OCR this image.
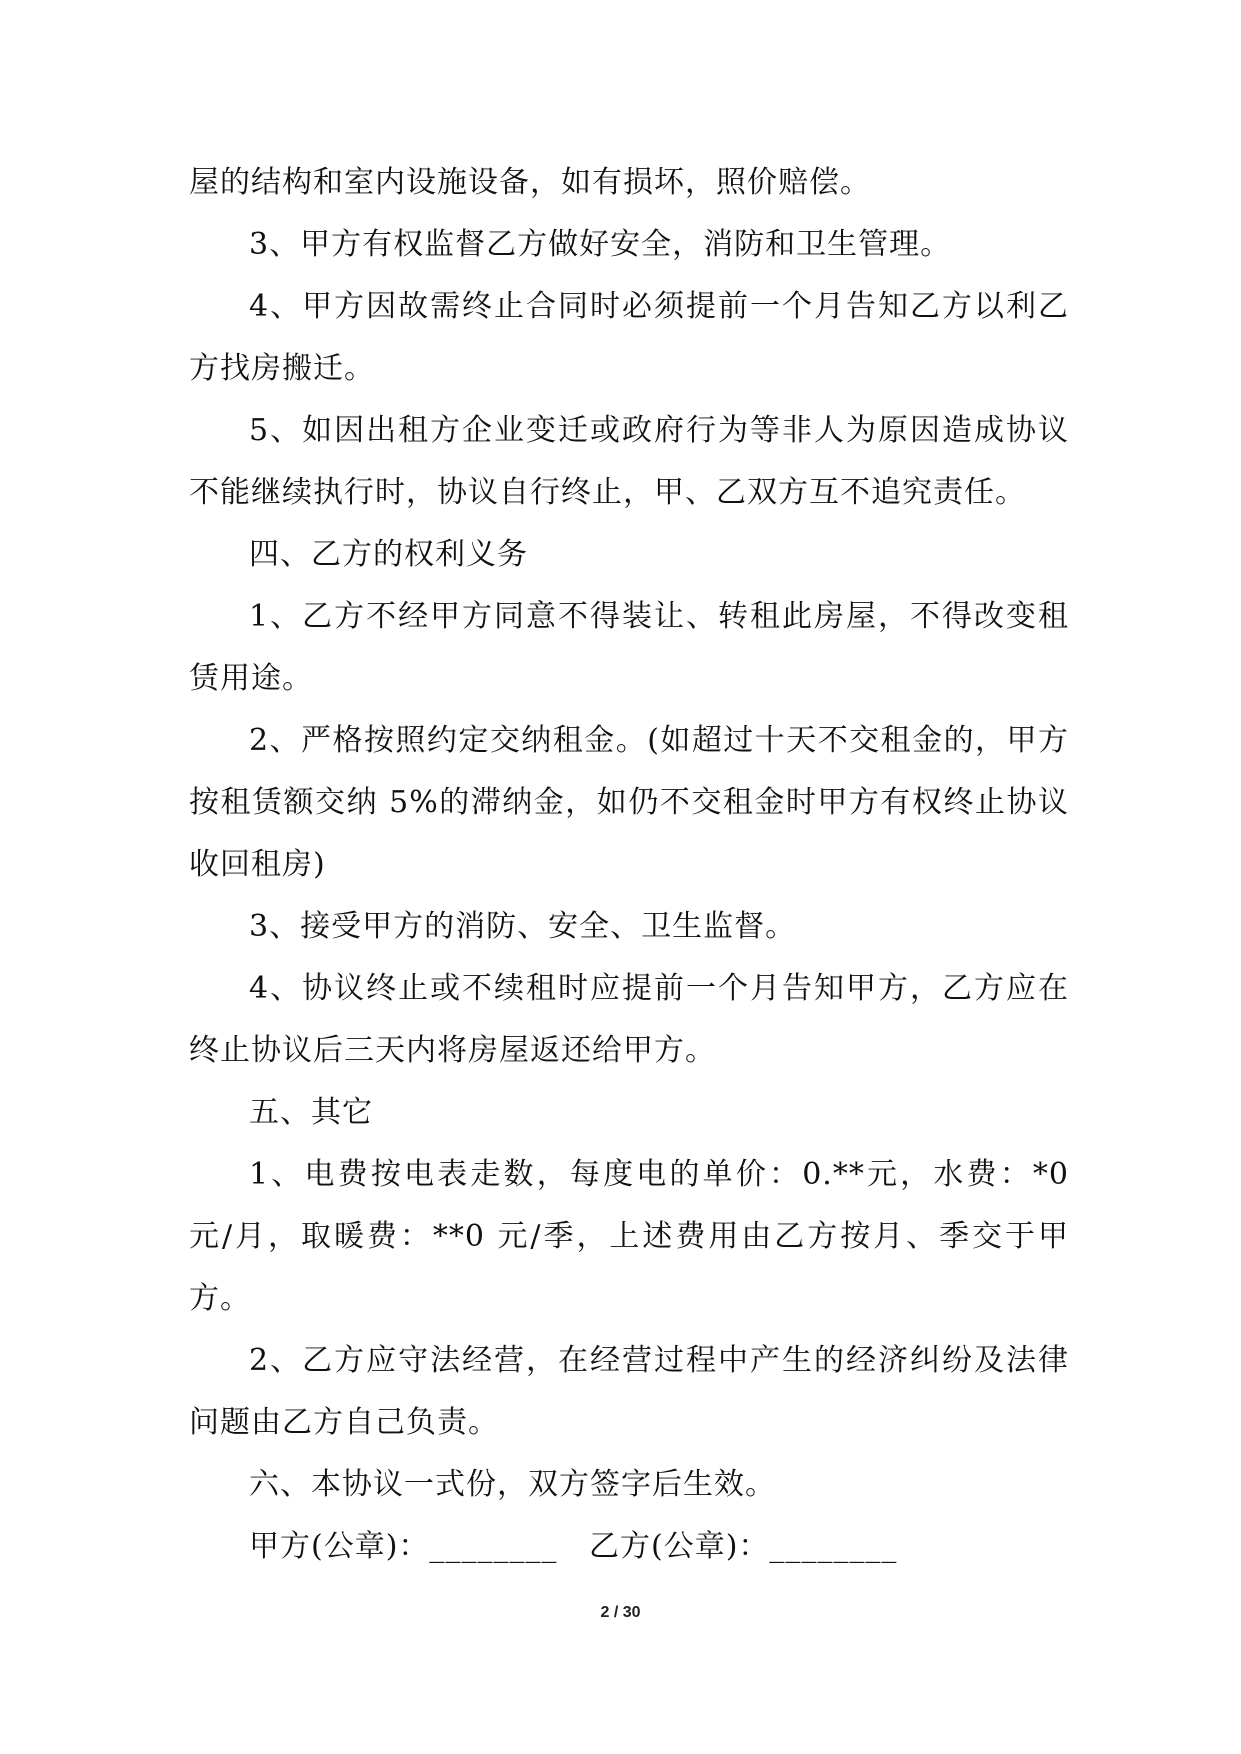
屋的结构和室内设施设备，如有损坏，照价赔偿。

3、甲方有权监督乙方做好安全，消防和卫生管理。

4、甲方因故需终止合同时必须提前一个月告知乙方以利乙方找房搬迁。

5、如因出租方企业变迁或政府行为等非人为原因造成协议不能继续执行时，协议自行终止，甲、乙双方互不追究责任。

四、乙方的权利义务

1、乙方不经甲方同意不得装让、转租此房屋，不得改变租赁用途。

2、严格按照约定交纳租金。(如超过十天不交租金的，甲方按租赁额交纳 5%的滞纳金，如仍不交租金时甲方有权终止协议收回租房)

3、接受甲方的消防、安全、卫生监督。

4、协议终止或不续租时应提前一个月告知甲方，乙方应在终止协议后三天内将房屋返还给甲方。

五、其它

1、电费按电表走数，每度电的单价：0.**元，水费：*0 元/月，取暖费：**0 元/季，上述费用由乙方按月、季交于甲方。

2、乙方应守法经营，在经营过程中产生的经济纠纷及法律问题由乙方自己负责。

六、本协议一式份，双方签字后生效。

甲方(公章)：________   乙方(公章)：________

2 / 30
